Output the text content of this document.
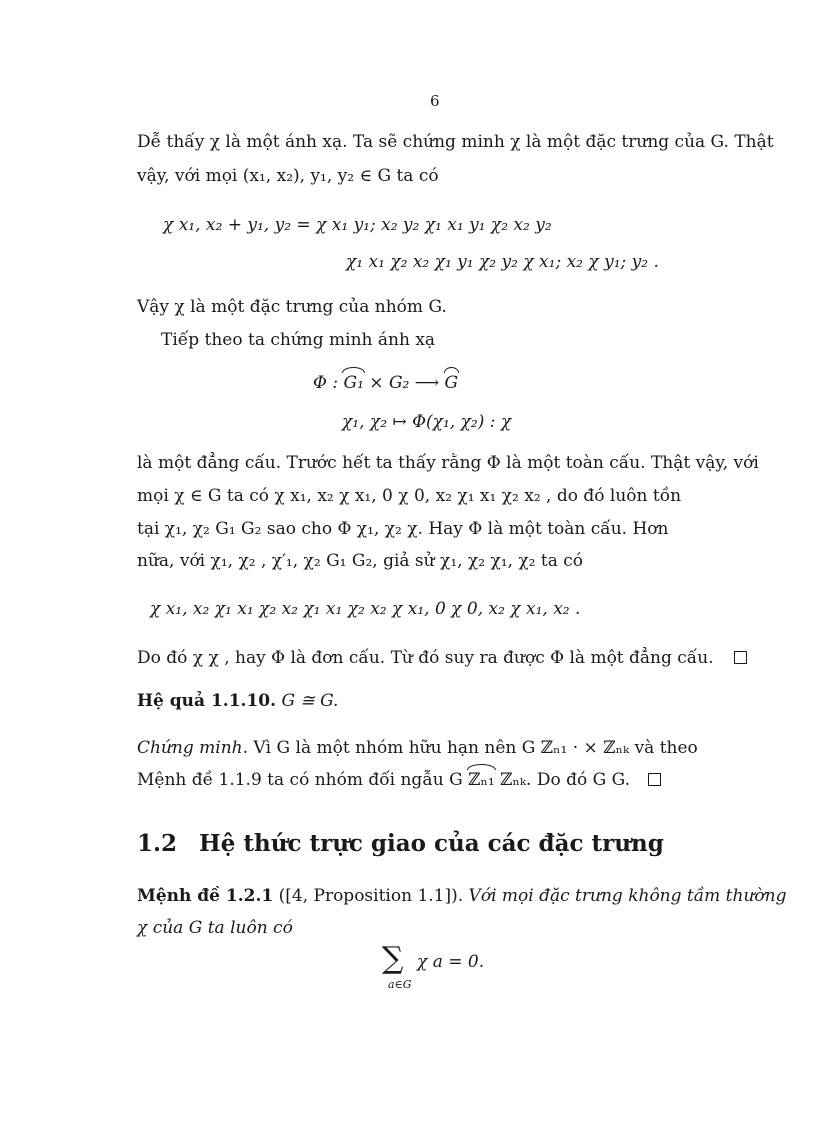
6
Dễ thấy χ là một ánh xạ. Ta sẽ chứng minh χ là một đặc trưng của G. Thật
vậy, với mọi (x₁, x₂), y₁, y₂ ∈ G ta có
χ x₁, x₂ + y₁, y₂ = χ x₁ y₁; x₂ y₂ χ₁ x₁ y₁ χ₂ x₂ y₂
χ₁ x₁ χ₂ x₂ χ₁ y₁ χ₂ y₂ χ x₁; x₂ χ y₁; y₂ .
Vậy χ là một đặc trưng của nhóm G.
Tiếp theo ta chứng minh ánh xạ
Φ : G₁ × G₂ ⟶ G
χ₁, χ₂ ↦ Φ(χ₁, χ₂) : χ
là một đẳng cấu. Trước hết ta thấy rằng Φ là một toàn cấu. Thật vậy, với
mọi χ ∈ G ta có χ x₁, x₂ χ x₁, 0 χ 0, x₂ χ₁ x₁ χ₂ x₂ , do đó luôn tồn
tại χ₁, χ₂ G₁ G₂ sao cho Φ χ₁, χ₂ χ. Hay Φ là một toàn cấu. Hơn
nữa, với χ₁, χ₂ , χ′₁, χ₂ G₁ G₂, giả sử χ₁, χ₂ χ₁, χ₂ ta có
χ x₁, x₂ χ₁ x₁ χ₂ x₂ χ₁ x₁ χ₂ x₂ χ x₁, 0 χ 0, x₂ χ x₁, x₂ .
Do đó χ χ , hay Φ là đơn cấu. Từ đó suy ra được Φ là một đẳng cấu.
Hệ quả 1.1.10. G ≅ G.
Chứng minh. Vì G là một nhóm hữu hạn nên G ℤₙ₁ · × ℤₙₖ và theo
Mệnh đề 1.1.9 ta có nhóm đối ngẫu G ℤₙ₁ ℤₙₖ. Do đó G G.
1.2 Hệ thức trực giao của các đặc trưng
Mệnh đề 1.2.1 ([4, Proposition 1.1]). Với mọi đặc trưng không tầm thường
χ của G ta luôn có
∑
a∈G
χ a = 0.
